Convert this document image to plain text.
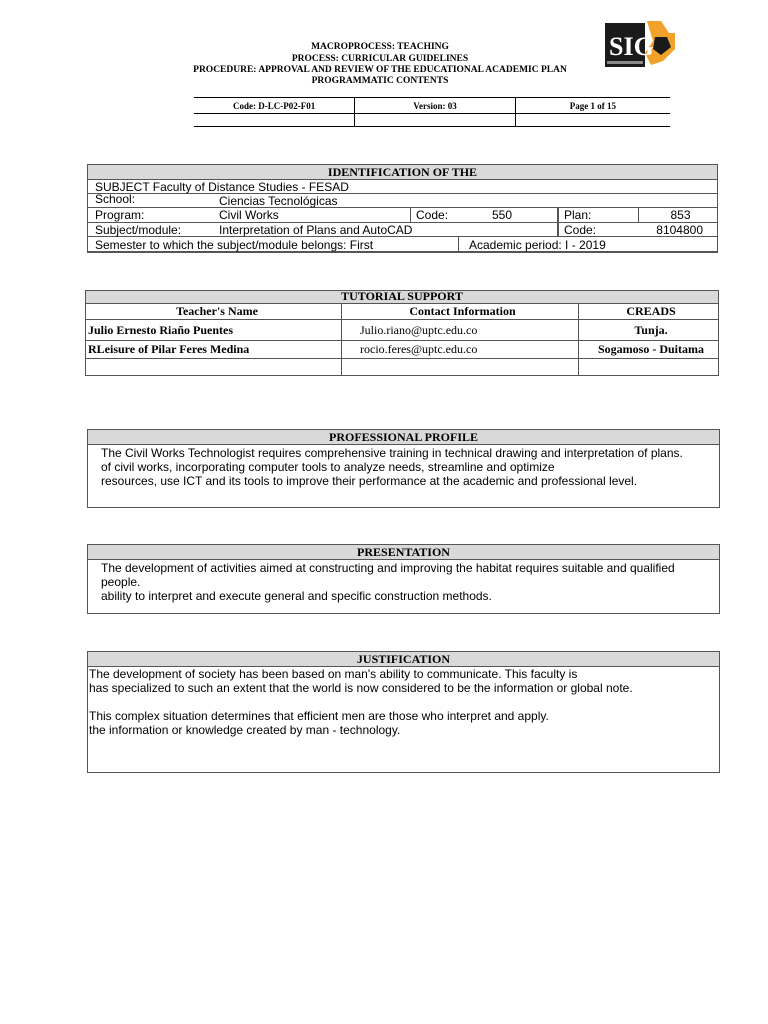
MACROPROCESS: TEACHING
PROCESS: CURRICULAR GUIDELINES
PROCEDURE: APPROVAL AND REVIEW OF THE EDUCATIONAL ACADEMIC PLAN
PROGRAMMATIC CONTENTS
SIG
Code: D-LC-P02-F01	Version: 03	Page 1 of 15
IDENTIFICATION OF THE
SUBJECT Faculty of Distance Studies - FESAD
School:	Ciencias Tecnológicas
Program:	Civil Works	Code:	550	Plan:	853
Subject/module:	Interpretation of Plans and AutoCAD	Code:	8104800
Semester to which the subject/module belongs: First	Academic period: I - 2019
TUTORIAL SUPPORT
Teacher's Name	Contact Information	CREADS
Julio Ernesto Riaño Puentes	Julio.riano@uptc.edu.co	Tunja.
RLeisure of Pilar Feres Medina	rocio.feres@uptc.edu.co	Sogamoso - Duitama
PROFESSIONAL PROFILE
The Civil Works Technologist requires comprehensive training in technical drawing and interpretation of plans.
of civil works, incorporating computer tools to analyze needs, streamline and optimize
resources, use ICT and its tools to improve their performance at the academic and professional level.
PRESENTATION
The development of activities aimed at constructing and improving the habitat requires suitable and qualified people.
ability to interpret and execute general and specific construction methods.
JUSTIFICATION
The development of society has been based on man's ability to communicate. This faculty is
has specialized to such an extent that the world is now considered to be the information or global note.

This complex situation determines that efficient men are those who interpret and apply.
the information or knowledge created by man - technology.
